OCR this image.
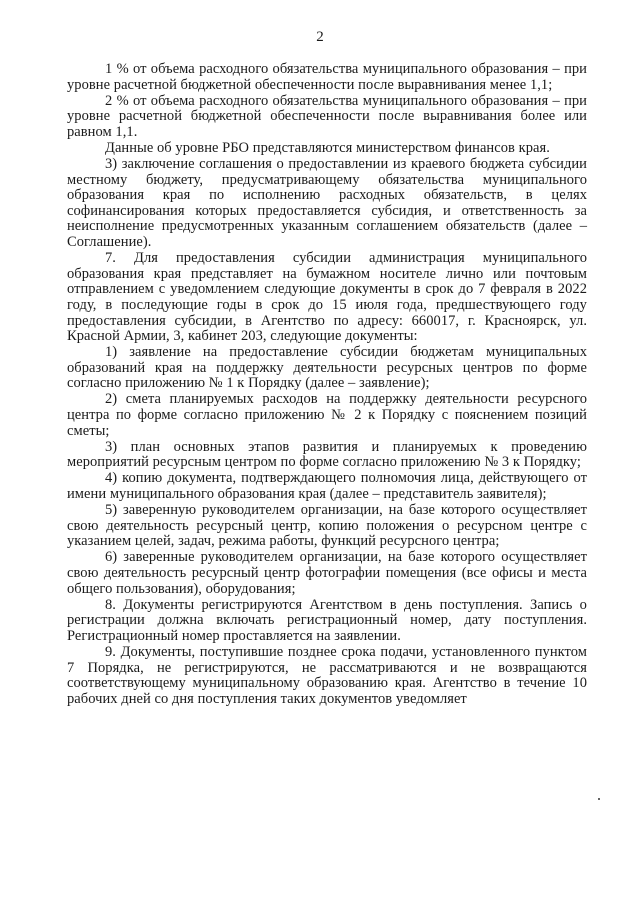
2

1 % от объема расходного обязательства муниципального образования – при уровне расчетной бюджетной обеспеченности после выравнивания менее 1,1;

2 % от объема расходного обязательства муниципального образования – при уровне расчетной бюджетной обеспеченности после выравнивания более или равном 1,1.

Данные об уровне РБО представляются министерством финансов края.

3) заключение соглашения о предоставлении из краевого бюджета субсидии местному бюджету, предусматривающему обязательства муниципального образования края по исполнению расходных обязательств, в целях софинансирования которых предоставляется субсидия, и ответственность за неисполнение предусмотренных указанным соглашением обязательств (далее – Соглашение).

7. Для предоставления субсидии администрация муниципального образования края представляет на бумажном носителе лично или почтовым отправлением с уведомлением следующие документы в срок до 7 февраля в 2022 году, в последующие годы в срок до 15 июля года, предшествующего году предоставления субсидии, в Агентство по адресу: 660017, г. Красноярск, ул. Красной Армии, 3, кабинет 203, следующие документы:

1) заявление на предоставление субсидии бюджетам муниципальных образований края на поддержку деятельности ресурсных центров по форме согласно приложению № 1 к Порядку (далее – заявление);

2) смета планируемых расходов на поддержку деятельности ресурсного центра по форме согласно приложению № 2 к Порядку с пояснением позиций сметы;

3) план основных этапов развития и планируемых к проведению мероприятий ресурсным центром по форме согласно приложению № 3 к Порядку;

4) копию документа, подтверждающего полномочия лица, действующего от имени муниципального образования края (далее – представитель заявителя);

5) заверенную руководителем организации, на базе которого осуществляет свою деятельность ресурсный центр, копию положения о ресурсном центре с указанием целей, задач, режима работы, функций ресурсного центра;

6) заверенные руководителем организации, на базе которого осуществляет свою деятельность ресурсный центр фотографии помещения (все офисы и места общего пользования), оборудования;

8. Документы регистрируются Агентством в день поступления. Запись о регистрации должна включать регистрационный номер, дату поступления. Регистрационный номер проставляется на заявлении.

9. Документы, поступившие позднее срока подачи, установленного пунктом 7 Порядка, не регистрируются, не рассматриваются и не возвращаются соответствующему муниципальному образованию края. Агентство в течение 10 рабочих дней со дня поступления таких документов уведомляет
